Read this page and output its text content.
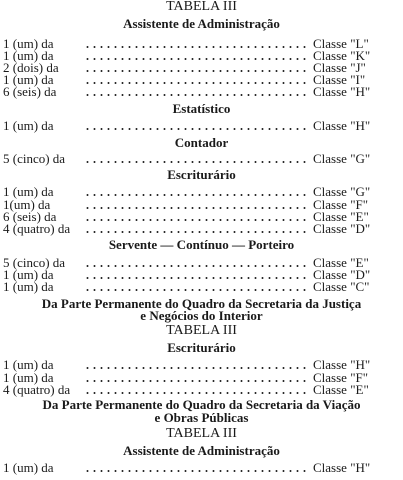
TABELA III
Assistente de Administração
1 (um) da	Classe "L"
1 (um) da	Classe "K"
2 (dois) da	Classe "J"
1 (um) da	Classe "I"
6 (seis) da	Classe "H"
Estatístico
1 (um) da	Classe "H"
Contador
5 (cinco) da	Classe "G"
Escriturário
1 (um) da	Classe "G"
1(um) da	Classe "F"
6 (seis) da	Classe "E"
4 (quatro) da	Classe "D"
Servente — Contínuo — Porteiro
5 (cinco) da	Classe "E"
1 (um) da	Classe "D"
1 (um) da	Classe "C"
Da Parte Permanente do Quadro da Secretaria da Justiça
e Negócios do Interior
TABELA III
Escriturário
1 (um) da	Classe "H"
1 (um) da	Classe "F"
4 (quatro) da	Classe "E"
Da Parte Permanente do Quadro da Secretaria da Viação
e Obras Públicas
TABELA III
Assistente de Administração
1 (um) da	Classe "H"
